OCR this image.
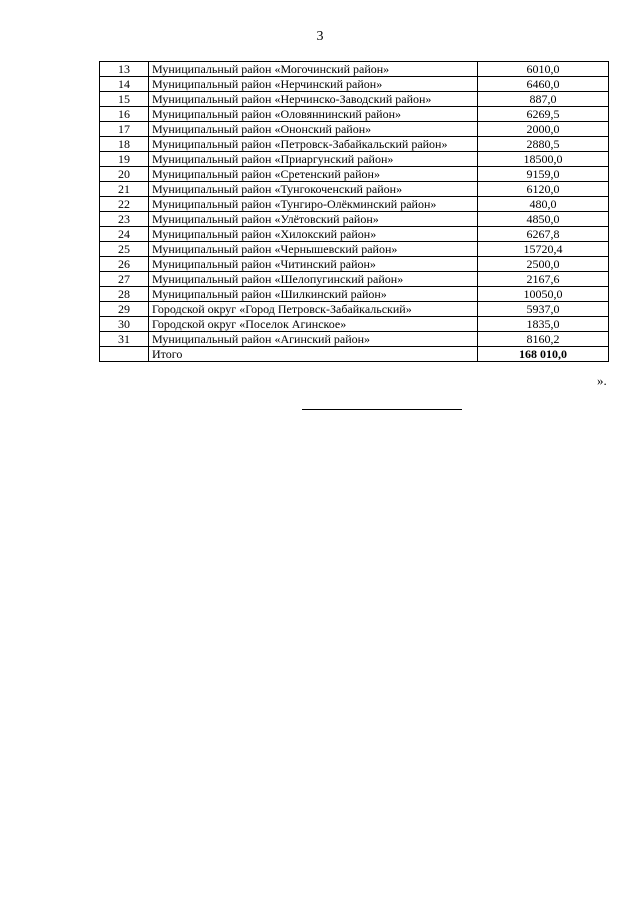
3
13	Муниципальный район «Могочинский район»	6010,0
14	Муниципальный район «Нерчинский район»	6460,0
15	Муниципальный район «Нерчинско-Заводский район»	887,0
16	Муниципальный район «Оловяннинский район»	6269,5
17	Муниципальный район «Ононский район»	2000,0
18	Муниципальный район «Петровск-Забайкальский район»	2880,5
19	Муниципальный район «Приаргунский район»	18500,0
20	Муниципальный район «Сретенский район»	9159,0
21	Муниципальный район «Тунгокоченский район»	6120,0
22	Муниципальный район «Тунгиро-Олёкминский район»	480,0
23	Муниципальный район «Улётовский район»	4850,0
24	Муниципальный район «Хилокский район»	6267,8
25	Муниципальный район «Чернышевский район»	15720,4
26	Муниципальный район «Читинский район»	2500,0
27	Муниципальный район «Шелопугинский район»	2167,6
28	Муниципальный район «Шилкинский район»	10050,0
29	Городской округ «Город Петровск-Забайкальский»	5937,0
30	Городской округ «Поселок Агинское»	1835,0
31	Муниципальный район «Агинский район»	8160,2
	Итого	168 010,0
».
